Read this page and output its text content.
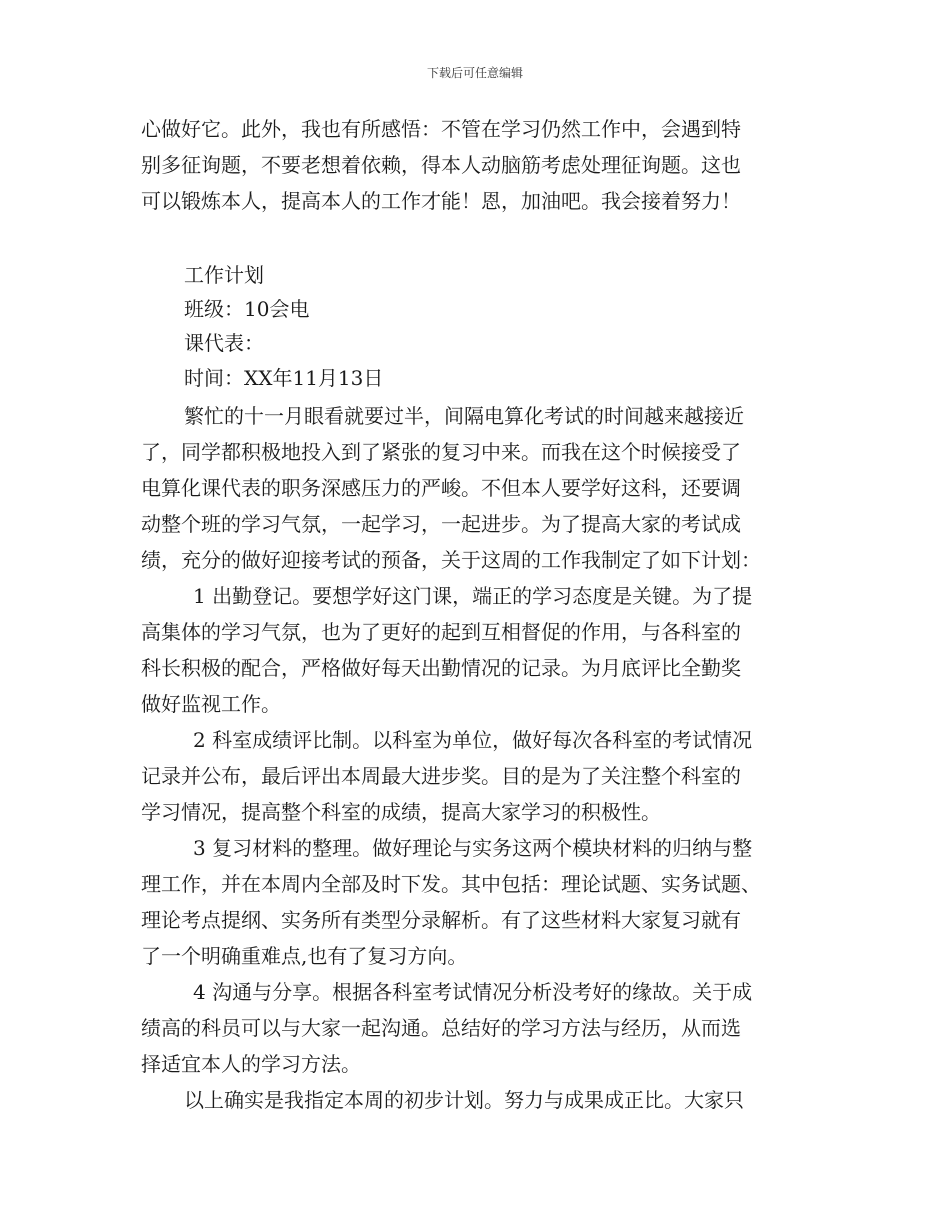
下载后可任意编辑
心做好它。此外，我也有所感悟：不管在学习仍然工作中，会遇到特
别多征询题，不要老想着依赖，得本人动脑筋考虑处理征询题。这也
可以锻炼本人，提高本人的工作才能！恩，加油吧。我会接着努力！
工作计划
班级：10会电
课代表：
时间：XX年11月13日
繁忙的十一月眼看就要过半，间隔电算化考试的时间越来越接近
了，同学都积极地投入到了紧张的复习中来。而我在这个时候接受了
电算化课代表的职务深感压力的严峻。不但本人要学好这科，还要调
动整个班的学习气氛，一起学习，一起进步。为了提高大家的考试成
绩，充分的做好迎接考试的预备，关于这周的工作我制定了如下计划：
1 出勤登记。要想学好这门课，端正的学习态度是关键。为了提
高集体的学习气氛，也为了更好的起到互相督促的作用，与各科室的
科长积极的配合，严格做好每天出勤情况的记录。为月底评比全勤奖
做好监视工作。
2 科室成绩评比制。以科室为单位，做好每次各科室的考试情况
记录并公布，最后评出本周最大进步奖。目的是为了关注整个科室的
学习情况，提高整个科室的成绩，提高大家学习的积极性。
3 复习材料的整理。做好理论与实务这两个模块材料的归纳与整
理工作，并在本周内全部及时下发。其中包括：理论试题、实务试题、
理论考点提纲、实务所有类型分录解析。有了这些材料大家复习就有
了一个明确重难点,也有了复习方向。
4 沟通与分享。根据各科室考试情况分析没考好的缘故。关于成
绩高的科员可以与大家一起沟通。总结好的学习方法与经历，从而选
择适宜本人的学习方法。
以上确实是我指定本周的初步计划。努力与成果成正比。大家只
